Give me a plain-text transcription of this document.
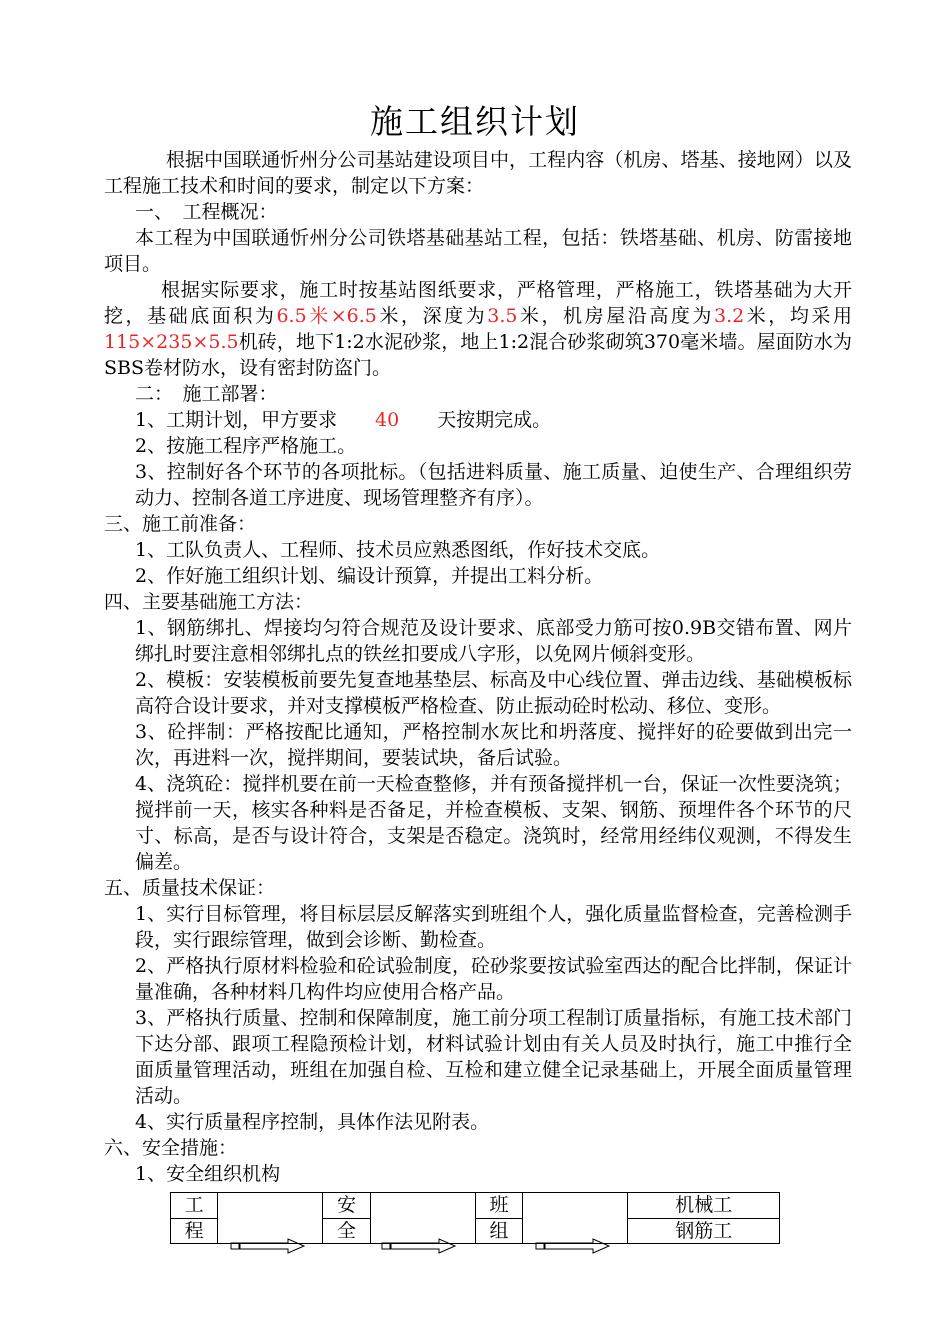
施工组织计划

根据中国联通忻州分公司基站建设项目中，工程内容（机房、塔基、接地网）以及工程施工技术和时间的要求，制定以下方案：

一、　工程概况：

本工程为中国联通忻州分公司铁塔基础基站工程，包括：铁塔基础、机房、防雷接地项目。

根据实际要求，施工时按基站图纸要求，严格管理，严格施工，铁塔基础为大开挖，基础底面积为6.5米×6.5米，深度为3.5米，机房屋沿高度为3.2米，均采用115×235×5.5机砖，地下1:2水泥砂浆，地上1:2混合砂浆砌筑370毫米墙。屋面防水为SBS卷材防水，设有密封防盗门。

二：　施工部署：

1、工期计划，甲方要求 40 天按期完成。

2、按施工程序严格施工。

3、控制好各个环节的各项批标。（包括进料质量、施工质量、迫使生产、合理组织劳动力、控制各道工序进度、现场管理整齐有序）。

三、施工前准备：

1、工队负责人、工程师、技术员应熟悉图纸，作好技术交底。

2、作好施工组织计划、编设计预算，并提出工料分析。

四、主要基础施工方法：

1、钢筋绑扎、焊接均匀符合规范及设计要求、底部受力筋可按0.9B交错布置、网片绑扎时要注意相邻绑扎点的铁丝扣要成八字形，以免网片倾斜变形。

2、模板：安装模板前要先复查地基垫层、标高及中心线位置、弹击边线、基础模板标高符合设计要求，并对支撑模板严格检查、防止振动砼时松动、移位、变形。

3、砼拌制：严格按配比通知，严格控制水灰比和坍落度、搅拌好的砼要做到出完一次，再进料一次，搅拌期间，要装试块，备后试验。

4、浇筑砼：搅拌机要在前一天检查整修，并有预备搅拌机一台，保证一次性要浇筑；搅拌前一天，核实各种料是否备足，并检查模板、支架、钢筋、预埋件各个环节的尺寸、标高，是否与设计符合，支架是否稳定。浇筑时，经常用经纬仪观测，不得发生偏差。

五、质量技术保证：

1、实行目标管理，将目标层层反解落实到班组个人，强化质量监督检查，完善检测手段，实行跟综管理，做到会诊断、勤检查。

2、严格执行原材料检验和砼试验制度，砼砂浆要按试验室西达的配合比拌制，保证计量准确，各种材料几构件均应使用合格产品。

3、严格执行质量、控制和保障制度，施工前分项工程制订质量指标，有施工技术部门下达分部、跟项工程隐预检计划，材料试验计划由有关人员及时执行，施工中推行全面质量管理活动，班组在加强自检、互检和建立健全记录基础上，开展全面质量管理活动。

4、实行质量程序控制，具体作法见附表。

六、安全措施：

1、安全组织机构

工		安		班		机械工
程		全		组		钢筋工
